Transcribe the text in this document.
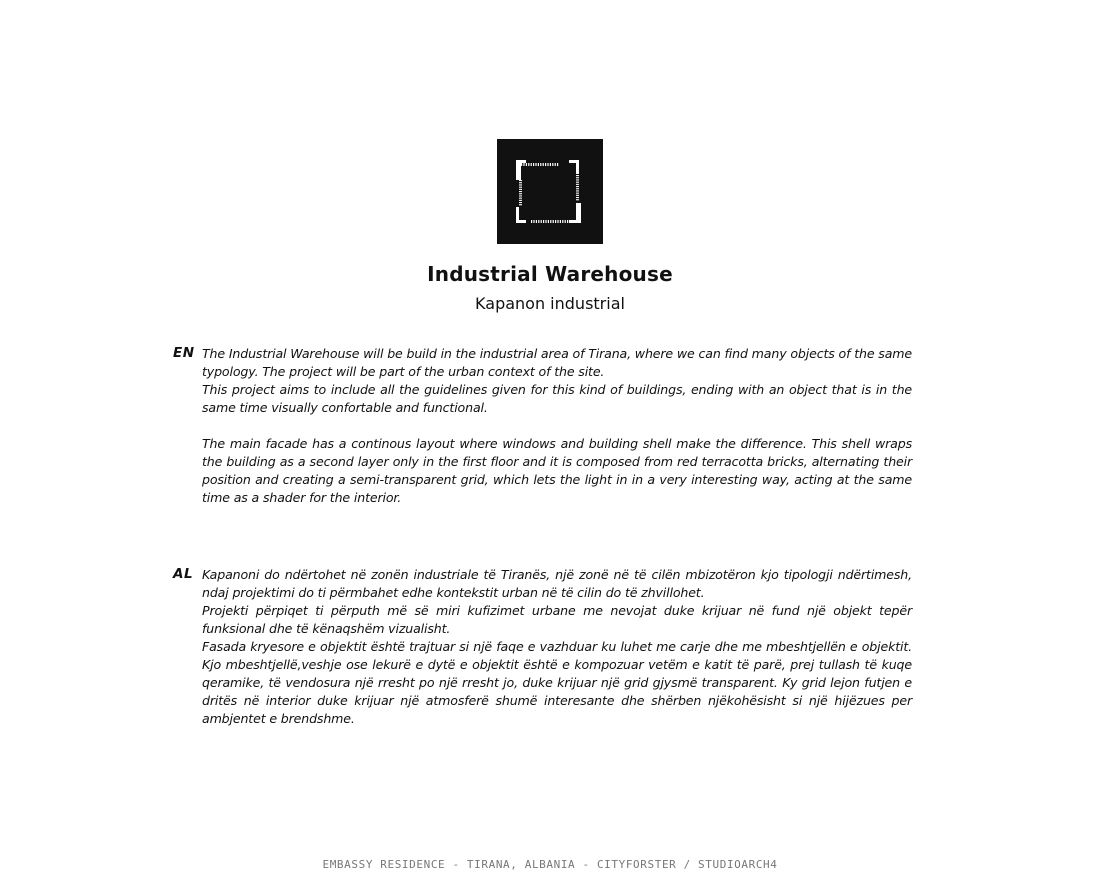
Industrial Warehouse
Kapanon industrial
EN The Industrial Warehouse will be build in the industrial area of Tirana, where we can find many objects of the same typology. The project will be part of the urban context of the site.

This project aims to include all the guidelines given for this kind of buildings, ending with an object that is in the same time visually confortable and functional.

The main facade has a continous layout where windows and building shell make the difference. This shell wraps the building as a second layer only in the first floor and it is composed from red terracotta bricks, alternating their position and creating a semi-transparent grid, which lets the light in in a very interesting way, acting at the same time as a shader for the interior.

AL Kapanoni do ndërtohet në zonën industriale të Tiranës, një zonë në të cilën mbizotëron kjo tipologji ndërtimesh, ndaj projektimi do ti përmbahet edhe kontekstit urban në të cilin do të zhvillohet.

Projekti përpiqet ti përputh më së miri kufizimet urbane me nevojat duke krijuar në fund një objekt tepër funksional dhe të kënaqshëm vizualisht.

Fasada kryesore e objektit është trajtuar si një faqe e vazhduar ku luhet me carje dhe me mbeshtjellën e objektit. Kjo mbeshtjellë,veshje ose lekurë e dytë e objektit është e kompozuar vetëm e katit të parë, prej tullash të kuqe qeramike, të vendosura një rresht po një rresht jo, duke krijuar një grid gjysmë transparent. Ky grid lejon futjen e dritës në interior duke krijuar një atmosferë shumë interesante dhe shërben njëkohësisht si një hijëzues per ambjentet e brendshme.

EMBASSY RESIDENCE - TIRANA, ALBANIA - CITYFORSTER / STUDIOARCH4
